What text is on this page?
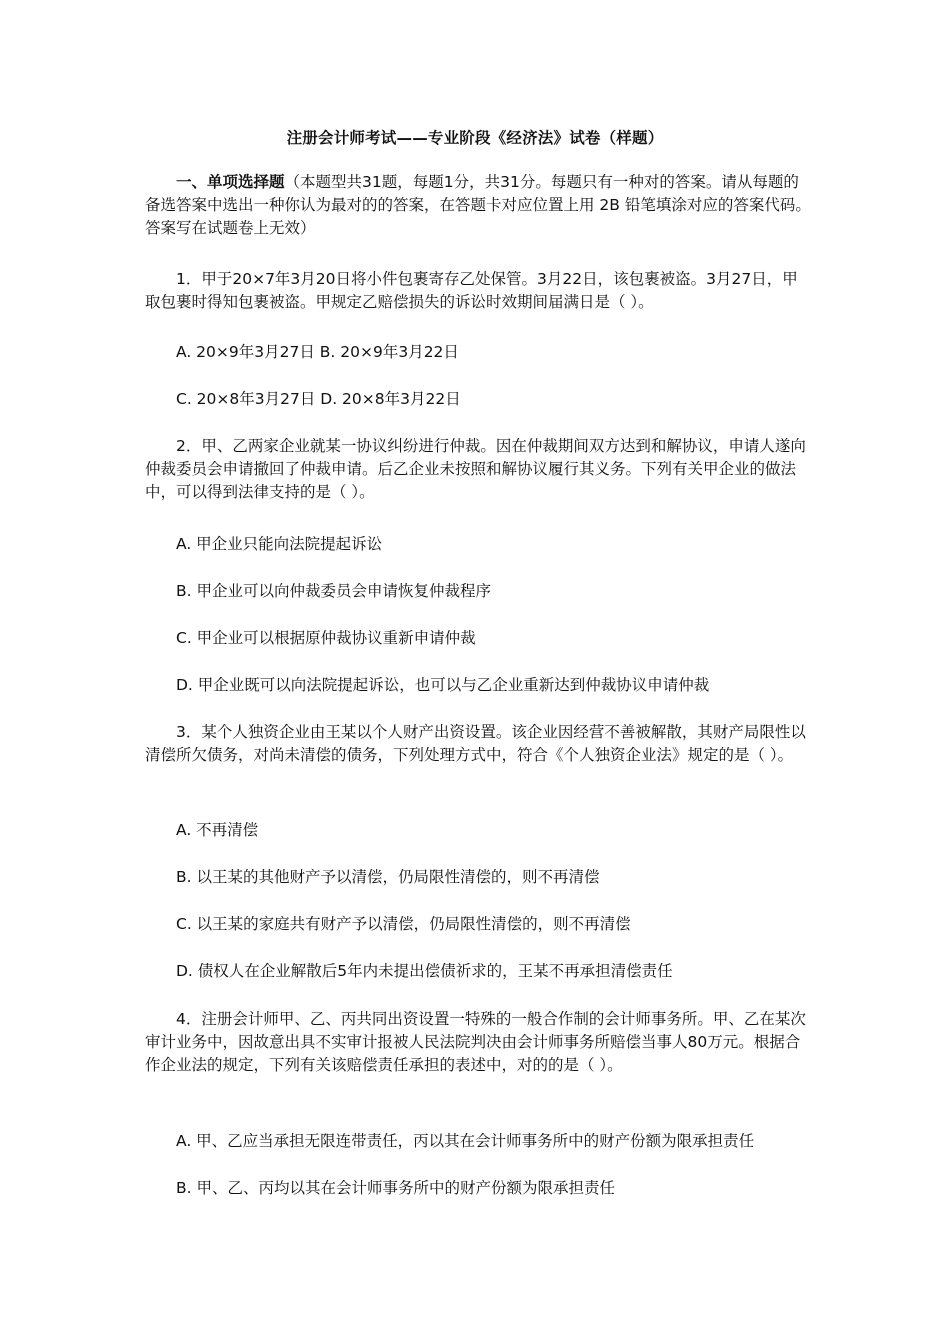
注册会计师考试——专业阶段《经济法》试卷（样题）
一、单项选择题（本题型共31题，每题1分，共31分。每题只有一种对的答案。请从每题的备选答案中选出一种你认为最对的的答案，在答题卡对应位置上用 2B 铅笔填涂对应的答案代码。答案写在试题卷上无效）
1．甲于20×7年3月20日将小件包裹寄存乙处保管。3月22日，该包裹被盗。3月27日，甲取包裹时得知包裹被盗。甲规定乙赔偿损失的诉讼时效期间届满日是（ ）。
A. 20×9年3月27日 B. 20×9年3月22日
C. 20×8年3月27日 D. 20×8年3月22日
2．甲、乙两家企业就某一协议纠纷进行仲裁。因在仲裁期间双方达到和解协议，申请人遂向仲裁委员会申请撤回了仲裁申请。后乙企业未按照和解协议履行其义务。下列有关甲企业的做法中，可以得到法律支持的是（ ）。
A. 甲企业只能向法院提起诉讼
B. 甲企业可以向仲裁委员会申请恢复仲裁程序
C. 甲企业可以根据原仲裁协议重新申请仲裁
D. 甲企业既可以向法院提起诉讼，也可以与乙企业重新达到仲裁协议申请仲裁
3．某个人独资企业由王某以个人财产出资设置。该企业因经营不善被解散，其财产局限性以清偿所欠债务，对尚未清偿的债务，下列处理方式中，符合《个人独资企业法》规定的是（ ）。
A. 不再清偿
B. 以王某的其他财产予以清偿，仍局限性清偿的，则不再清偿
C. 以王某的家庭共有财产予以清偿，仍局限性清偿的，则不再清偿
D. 债权人在企业解散后5年内未提出偿债祈求的，王某不再承担清偿责任
4．注册会计师甲、乙、丙共同出资设置一特殊的一般合作制的会计师事务所。甲、乙在某次审计业务中，因故意出具不实审计报被人民法院判决由会计师事务所赔偿当事人80万元。根据合作企业法的规定，下列有关该赔偿责任承担的表述中，对的的是（ ）。
A. 甲、乙应当承担无限连带责任，丙以其在会计师事务所中的财产份额为限承担责任
B. 甲、乙、丙均以其在会计师事务所中的财产份额为限承担责任
